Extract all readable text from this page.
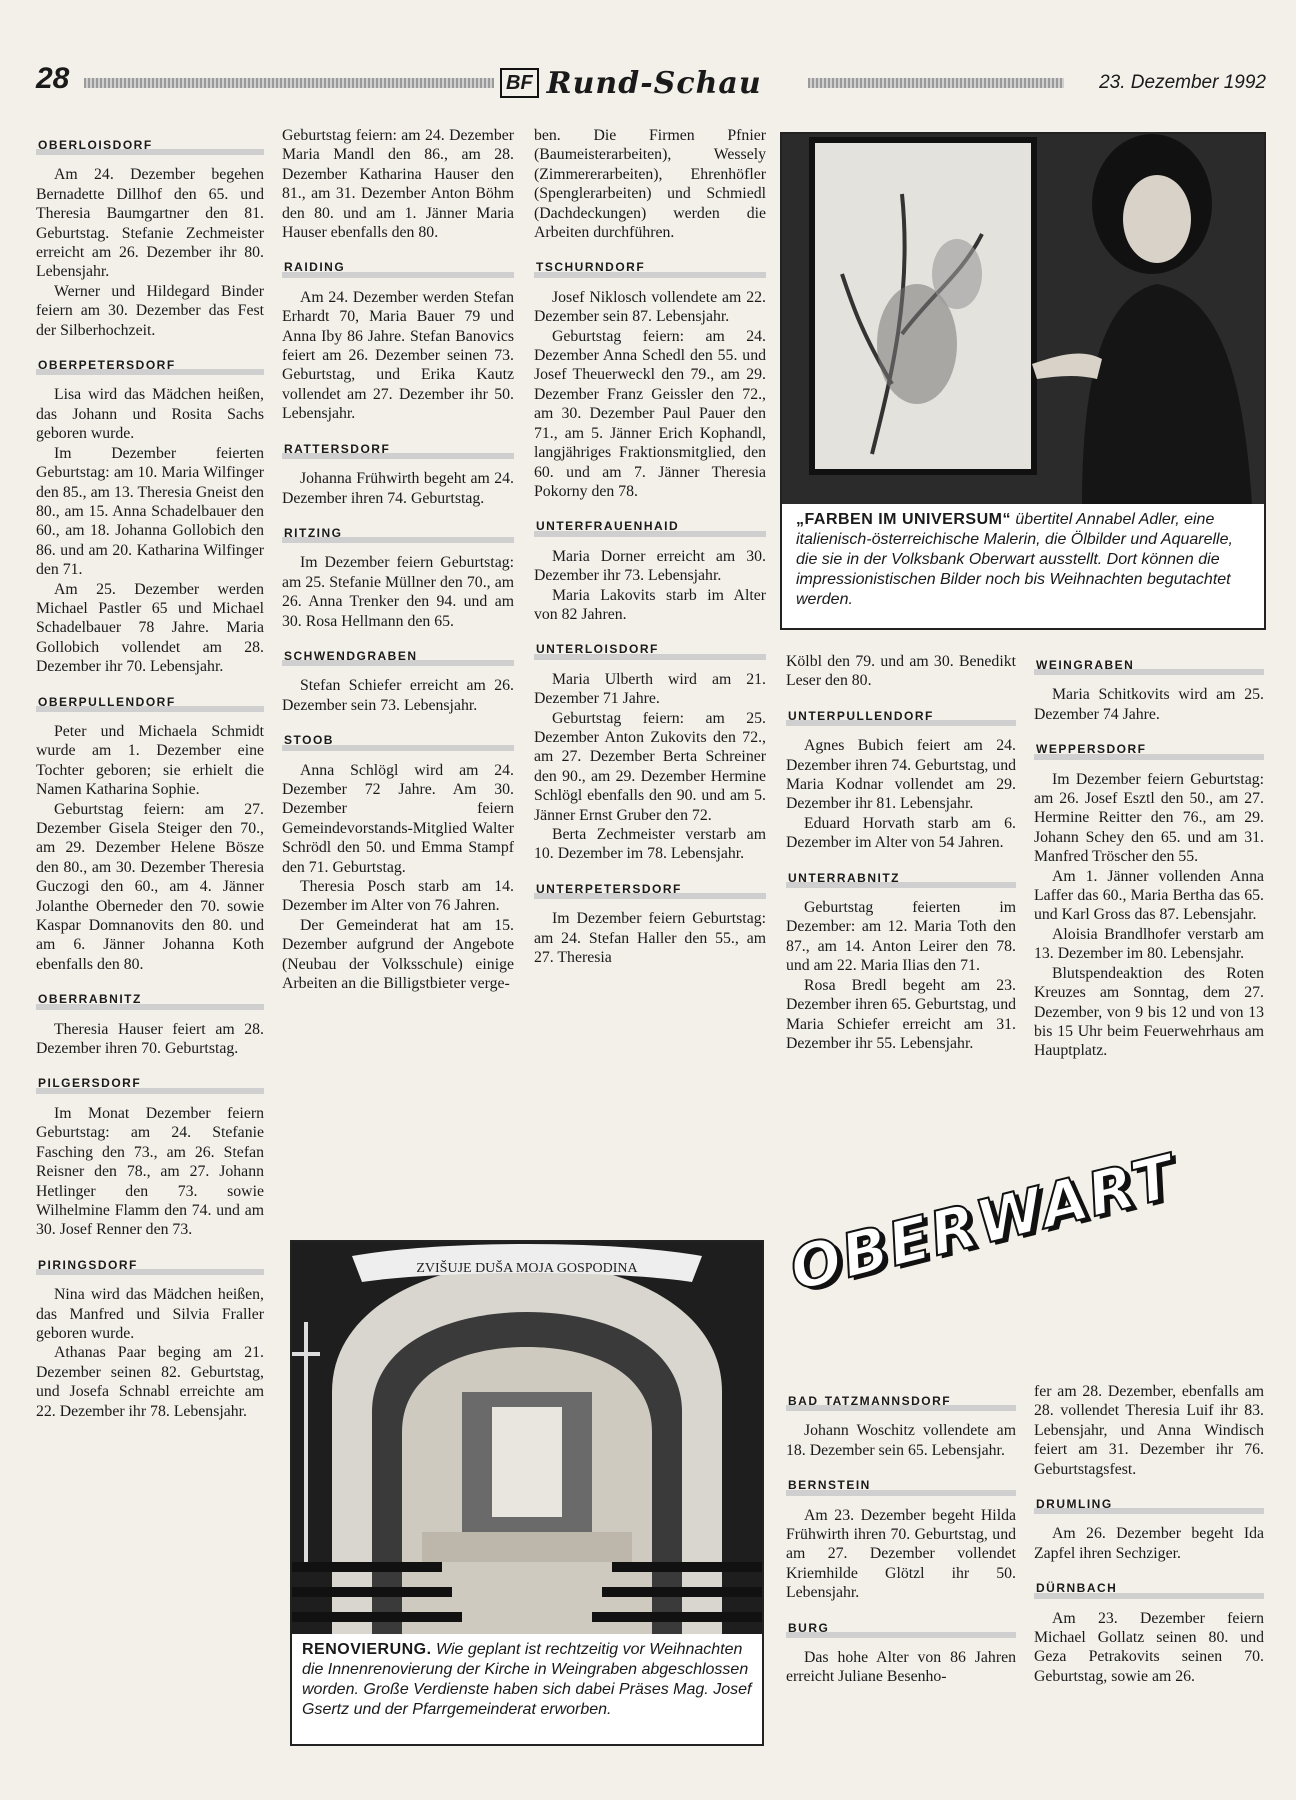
28	BF Rund-Schau	23. Dezember 1992
oberloisdorf

Am 24. Dezember begehen Bernadette Dillhof den 65. und Theresia Baumgartner den 81. Geburtstag. Stefanie Zechmeister erreicht am 26. Dezember ihr 80. Lebensjahr.

Werner und Hildegard Binder feiern am 30. Dezember das Fest der Silberhochzeit.

oberpetersdorf

Lisa wird das Mädchen heißen, das Johann und Rosita Sachs geboren wurde.

Im Dezember feierten Geburtstag: am 10. Maria Wilfinger den 85., am 13. Theresia Gneist den 80., am 15. Anna Schadelbauer den 60., am 18. Johanna Gollobich den 86. und am 20. Katharina Wilfinger den 71.

Am 25. Dezember werden Michael Pastler 65 und Michael Schadelbauer 78 Jahre. Maria Gollobich vollendet am 28. Dezember ihr 70. Lebensjahr.

oberpullendorf

Peter und Michaela Schmidt wurde am 1. Dezember eine Tochter geboren; sie erhielt die Namen Katharina Sophie.

Geburtstag feiern: am 27. Dezember Gisela Steiger den 70., am 29. Dezember Helene Bösze den 80., am 30. Dezember Theresia Guczogi den 60., am 4. Jänner Jolanthe Oberneder den 70. sowie Kaspar Domnanovits den 80. und am 6. Jänner Johanna Koth ebenfalls den 80.

oberrabnitz

Theresia Hauser feiert am 28. Dezember ihren 70. Geburtstag.

pilgersdorf

Im Monat Dezember feiern Geburtstag: am 24. Stefanie Fasching den 73., am 26. Stefan Reisner den 78., am 27. Johann Hetlinger den 73. sowie Wilhelmine Flamm den 74. und am 30. Josef Renner den 73.

piringsdorf

Nina wird das Mädchen heißen, das Manfred und Silvia Fraller geboren wurde.

Athanas Paar beging am 21. Dezember seinen 82. Geburtstag, und Josefa Schnabl erreichte am 22. Dezember ihr 78. Lebensjahr.

Geburtstag feiern: am 24. Dezember Maria Mandl den 86., am 28. Dezember Katharina Hauser den 81., am 31. Dezember Anton Böhm den 80. und am 1. Jänner Maria Hauser ebenfalls den 80.

raiding

Am 24. Dezember werden Stefan Erhardt 70, Maria Bauer 79 und Anna Iby 86 Jahre. Stefan Banovics feiert am 26. Dezember seinen 73. Geburtstag, und Erika Kautz vollendet am 27. Dezember ihr 50. Lebensjahr.

rattersdorf

Johanna Frühwirth begeht am 24. Dezember ihren 74. Geburtstag.

ritzing

Im Dezember feiern Geburtstag: am 25. Stefanie Müllner den 70., am 26. Anna Trenker den 94. und am 30. Rosa Hellmann den 65.

schwendgraben

Stefan Schiefer erreicht am 26. Dezember sein 73. Lebensjahr.

stoob

Anna Schlögl wird am 24. Dezember 72 Jahre. Am 30. Dezember feiern Gemeindevorstands-Mitglied Walter Schrödl den 50. und Emma Stampf den 71. Geburtstag.

Theresia Posch starb am 14. Dezember im Alter von 76 Jahren.

Der Gemeinderat hat am 15. Dezember aufgrund der Angebote (Neubau der Volksschule) einige Arbeiten an die Billigstbieter verge-

ben. Die Firmen Pfnier (Baumeisterarbeiten), Wessely (Zimmererarbeiten), Ehrenhöfler (Spenglerarbeiten) und Schmiedl (Dachdeckungen) werden die Arbeiten durchführen.

tschurndorf

Josef Niklosch vollendete am 22. Dezember sein 87. Lebensjahr.

Geburtstag feiern: am 24. Dezember Anna Schedl den 55. und Josef Theuerweckl den 79., am 29. Dezember Franz Geissler den 72., am 30. Dezember Paul Pauer den 71., am 5. Jänner Erich Kophandl, langjähriges Fraktionsmitglied, den 60. und am 7. Jänner Theresia Pokorny den 78.

unterfrauenhaid

Maria Dorner erreicht am 30. Dezember ihr 73. Lebensjahr.

Maria Lakovits starb im Alter von 82 Jahren.

unterloisdorf

Maria Ulberth wird am 21. Dezember 71 Jahre.

Geburtstag feiern: am 25. Dezember Anton Zukovits den 72., am 27. Dezember Berta Schreiner den 90., am 29. Dezember Hermine Schlögl ebenfalls den 90. und am 5. Jänner Ernst Gruber den 72.

Berta Zechmeister verstarb am 10. Dezember im 78. Lebensjahr.

unterpetersdorf

Im Dezember feiern Geburtstag: am 24. Stefan Haller den 55., am 27. Theresia

Kölbl den 79. und am 30. Benedikt Leser den 80.

unterpullendorf

Agnes Bubich feiert am 24. Dezember ihren 74. Geburtstag, und Maria Kodnar vollendet am 29. Dezember ihr 81. Lebensjahr.

Eduard Horvath starb am 6. Dezember im Alter von 54 Jahren.

unterrabnitz

Geburtstag feierten im Dezember: am 12. Maria Toth den 87., am 14. Anton Leirer den 78. und am 22. Maria Ilias den 71.

Rosa Bredl begeht am 23. Dezember ihren 65. Geburtstag, und Maria Schiefer erreicht am 31. Dezember ihr 55. Lebensjahr.

weingraben

Maria Schitkovits wird am 25. Dezember 74 Jahre.

weppersdorf

Im Dezember feiern Geburtstag: am 26. Josef Esztl den 50., am 27. Hermine Reitter den 76., am 29. Johann Schey den 65. und am 31. Manfred Tröscher den 55.

Am 1. Jänner vollenden Anna Laffer das 60., Maria Bertha das 65. und Karl Gross das 87. Lebensjahr.

Aloisia Brandlhofer verstarb am 13. Dezember im 80. Lebensjahr.

Blutspendeaktion des Roten Kreuzes am Sonntag, dem 27. Dezember, von 9 bis 12 und von 13 bis 15 Uhr beim Feuerwehrhaus am Hauptplatz.

bad tatzmannsdorf

Johann Woschitz vollendete am 18. Dezember sein 65. Lebensjahr.

bernstein

Am 23. Dezember begeht Hilda Frühwirth ihren 70. Geburtstag, und am 27. Dezember vollendet Kriemhilde Glötzl ihr 50. Lebensjahr.

burg

Das hohe Alter von 86 Jahren erreicht Juliane Besenho-

fer am 28. Dezember, ebenfalls am 28. vollendet Theresia Luif ihr 83. Lebensjahr, und Anna Windisch feiert am 31. Dezember ihr 76. Geburtstagsfest.

drumling

Am 26. Dezember begeht Ida Zapfel ihren Sechziger.

dürnbach

Am 23. Dezember feiern Michael Gollatz seinen 80. und Geza Petrakovits seinen 70. Geburtstag, sowie am 26.

„FARBEN IM UNIVERSUM“ übertitel Annabel Adler, eine italienisch-österreichische Malerin, die Ölbilder und Aquarelle, die sie in der Volksbank Oberwart ausstellt. Dort können die impressionistischen Bilder noch bis Weihnachten begutachtet werden.
ZVIŠUJE DUŠA MOJA GOSPODINA
RENOVIERUNG. Wie geplant ist rechtzeitig vor Weihnachten die Innenrenovierung der Kirche in Weingraben abgeschlossen worden. Große Verdienste haben sich dabei Präses Mag. Josef Gsertz und der Pfarrgemeinderat erworben.
OBERWART
